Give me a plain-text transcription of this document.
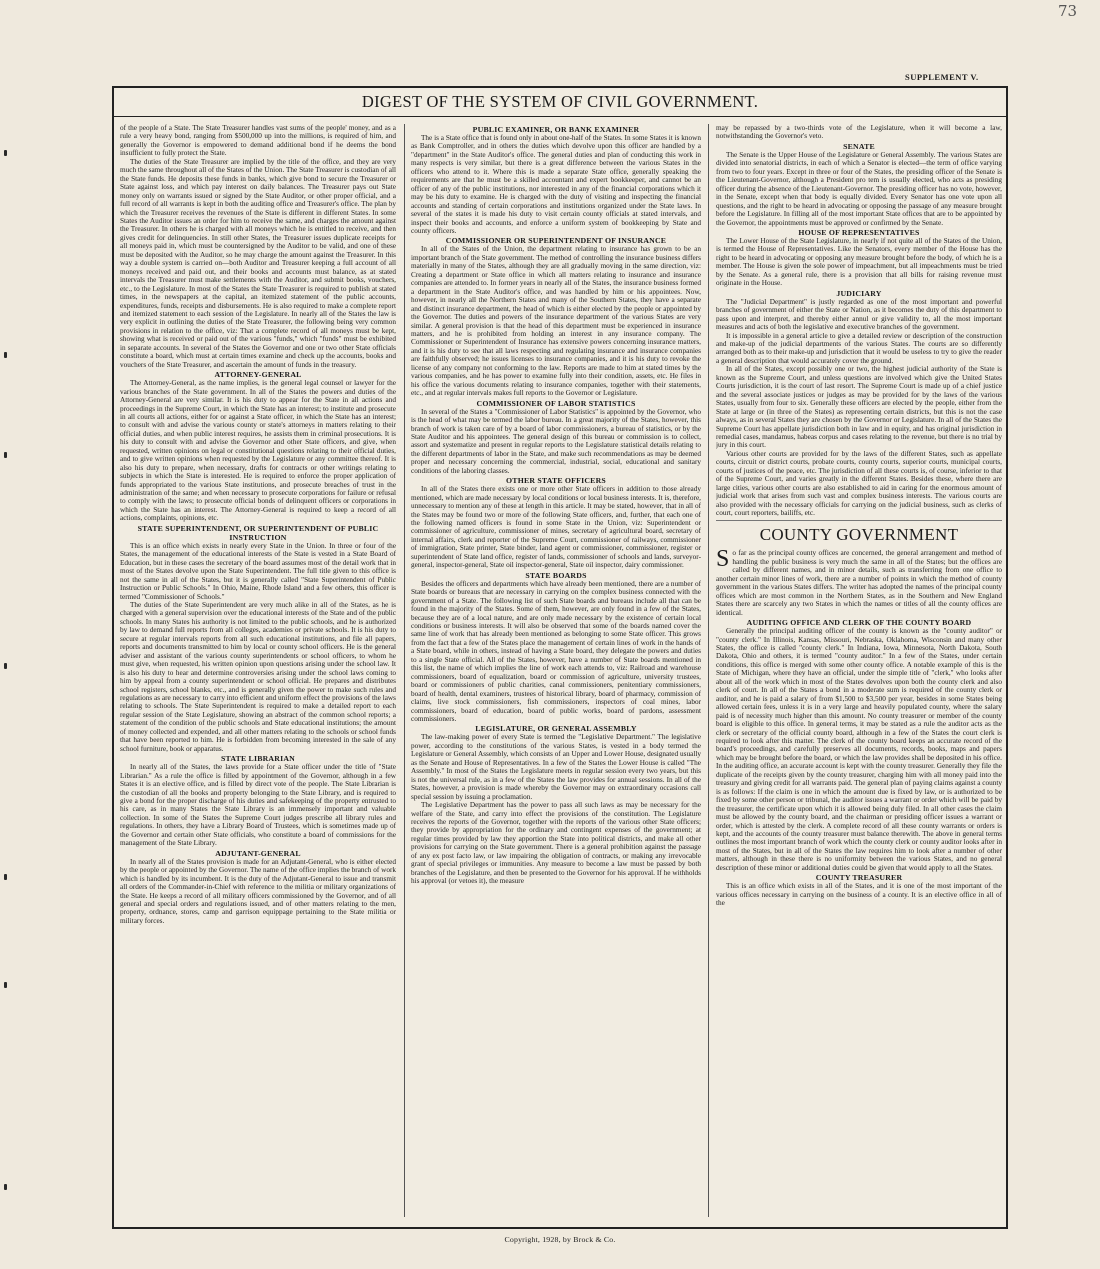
73
SUPPLEMENT V.
DIGEST OF THE SYSTEM OF CIVIL GOVERNMENT.

of the people of a State. The State Treasurer handles vast sums of the people' money, and as a rule a very heavy bond, ranging from $500,000 up into the millions, is required of him, and generally the Governor is empowered to demand additional bond if he deems the bond insufficient to fully protect the State.

The duties of the State Treasurer are implied by the title of the office, and they are very much the same throughout all of the States of the Union. The State Treasurer is custodian of all the State funds. He deposits these funds in banks, which give bond to secure the Treasurer or State against loss, and which pay interest on daily balances. The Treasurer pays out State money only on warrants issued or signed by the State Auditor, or other proper official, and a full record of all warrants is kept in both the auditing office and Treasurer's office. The plan by which the Treasurer receives the revenues of the State is different in different States. In some States the Auditor issues an order for him to receive the same, and charges the amount against the Treasurer. In others he is charged with all moneys which he is entitled to receive, and then gives credit for delinquencies. In still other States, the Treasurer issues duplicate receipts for all moneys paid in, which must be countersigned by the Auditor to be valid, and one of these must be deposited with the Auditor, so he may charge the amount against the Treasurer. In this way a double system is carried on—both Auditor and Treasurer keeping a full account of all moneys received and paid out, and their books and accounts must balance, as at stated intervals the Treasurer must make settlements with the Auditor, and submit books, vouchers, etc., to the Legislature. In most of the States the State Treasurer is required to publish at stated times, in the newspapers at the capital, an itemized statement of the public accounts, expenditures, funds, receipts and disbursements. He is also required to make a complete report and itemized statement to each session of the Legislature. In nearly all of the States the law is very explicit in outlining the duties of the State Treasurer, the following being very common provisions in relation to the office, viz: That a complete record of all moneys must be kept, showing what is received or paid out of the various "funds," which "funds" must be exhibited in separate accounts. In several of the States the Governor and one or two other State officials constitute a board, which must at certain times examine and check up the accounts, books and vouchers of the State Treasurer, and ascertain the amount of funds in the treasury.

ATTORNEY-GENERAL

The Attorney-General, as the name implies, is the general legal counsel or lawyer for the various branches of the State government. In all of the States the powers and duties of the Attorney-General are very similar. It is his duty to appear for the State in all actions and proceedings in the Supreme Court, in which the State has an interest; to institute and prosecute in all courts all actions, either for or against a State officer, in which the State has an interest; to consult with and advise the various county or state's attorneys in matters relating to their official duties, and when public interest requires, he assists them in criminal prosecutions. It is his duty to consult with and advise the Governor and other State officers, and give, when requested, written opinions on legal or constitutional questions relating to their official duties, and to give written opinions when requested by the Legislature or any committee thereof. It is also his duty to prepare, when necessary, drafts for contracts or other writings relating to subjects in which the State is interested. He is required to enforce the proper application of funds appropriated to the various State institutions, and prosecute breaches of trust in the administration of the same; and when necessary to prosecute corporations for failure or refusal to comply with the laws; to prosecute official bonds of delinquent officers or corporations in which the State has an interest. The Attorney-General is required to keep a record of all actions, complaints, opinions, etc.

STATE SUPERINTENDENT, OR SUPERINTENDENT OF PUBLIC INSTRUCTION

This is an office which exists in nearly every State in the Union. In three or four of the States, the management of the educational interests of the State is vested in a State Board of Education, but in these cases the secretary of the board assumes most of the detail work that in most of the States devolve upon the State Superintendent. The full title given to this office is not the same in all of the States, but it is generally called "State Superintendent of Public Instruction or Public Schools." In Ohio, Maine, Rhode Island and a few others, this officer is termed "Commissioner of Schools."

The duties of the State Superintendent are very much alike in all of the States, as he is charged with a general supervision over the educational interests of the State and of the public schools. In many States his authority is not limited to the public schools, and he is authorized by law to demand full reports from all colleges, academies or private schools. It is his duty to secure at regular intervals reports from all such educational institutions, and file all papers, reports and documents transmitted to him by local or county school officers. He is the general adviser and assistant of the various county superintendents or school officers, to whom he must give, when requested, his written opinion upon questions arising under the school law. It is also his duty to hear and determine controversies arising under the school laws coming to him by appeal from a county superintendent or school official. He prepares and distributes school registers, school blanks, etc., and is generally given the power to make such rules and regulations as are necessary to carry into efficient and uniform effect the provisions of the laws relating to schools. The State Superintendent is required to make a detailed report to each regular session of the State Legislature, showing an abstract of the common school reports; a statement of the condition of the public schools and State educational institutions; the amount of money collected and expended, and all other matters relating to the schools or school funds that have been reported to him. He is forbidden from becoming interested in the sale of any school furniture, book or apparatus.

STATE LIBRARIAN

In nearly all of the States, the laws provide for a State officer under the title of "State Librarian." As a rule the office is filled by appointment of the Governor, although in a few States it is an elective office, and is filled by direct vote of the people. The State Librarian is the custodian of all the books and property belonging to the State Library, and is required to give a bond for the proper discharge of his duties and safekeeping of the property entrusted to his care, as in many States the State Library is an immensely important and valuable collection. In some of the States the Supreme Court judges prescribe all library rules and regulations. In others, they have a Library Board of Trustees, which is sometimes made up of the Governor and certain other State officials, who constitute a board of commissions for the management of the State Library.

ADJUTANT-GENERAL

In nearly all of the States provision is made for an Adjutant-General, who is either elected by the people or appointed by the Governor. The name of the office implies the branch of work which is handled by its incumbent. It is the duty of the Adjutant-General to issue and transmit all orders of the Commander-in-Chief with reference to the militia or military organizations of the State. He keeps a record of all military officers commissioned by the Governor, and of all general and special orders and regulations issued, and of other matters relating to the men, property, ordnance, stores, camp and garrison equippage pertaining to the State militia or military forces.

PUBLIC EXAMINER, OR BANK EXAMINER

The is a State office that is found only in about one-half of the States. In some States it is known as Bank Comptroller, and in others the duties which devolve upon this officer are handled by a "department" in the State Auditor's office. The general duties and plan of conducting this work in many respects is very similar, but there is a great difference between the various States in the officers who attend to it. Where this is made a separate State office, generally speaking the requirements are that he must be a skilled accountant and expert bookkeeper, and cannot be an officer of any of the public institutions, nor interested in any of the financial corporations which it may be his duty to examine. He is charged with the duty of visiting and inspecting the financial accounts and standing of certain corporations and institutions organized under the State laws. In several of the states it is made his duty to visit certain county officials at stated intervals, and inspect their books and accounts, and enforce a uniform system of bookkeeping by State and county officers.

COMMISSIONER OR SUPERINTENDENT OF INSURANCE

In all of the States of the Union, the department relating to insurance has grown to be an important branch of the State government. The method of controlling the insurance business differs materially in many of the States, although they are all gradually moving in the same direction, viz: Creating a department or State office in which all matters relating to insurance and insurance companies are attended to. In former years in nearly all of the States, the insurance business formed a department in the State Auditor's office, and was handled by him or his appointees. Now, however, in nearly all the Northern States and many of the Southern States, they have a separate and distinct insurance department, the head of which is either elected by the people or appointed by the Governor. The duties and powers of the insurance department of the various States are very similar. A general provision is that the head of this department must be experienced in insurance matters, and he is prohibited from holding an interest in any insurance company. The Commissioner or Superintendent of Insurance has extensive powers concerning insurance matters, and it is his duty to see that all laws respecting and regulating insurance and insurance companies are faithfully observed; he issues licenses to insurance companies, and it is his duty to revoke the license of any company not conforming to the law. Reports are made to him at stated times by the various companies, and he has power to examine fully into their condition, assets, etc. He files in his office the various documents relating to insurance companies, together with their statements, etc., and at regular intervals makes full reports to the Governor or Legislature.

COMMISSIONER OF LABOR STATISTICS

In several of the States a "Commissioner of Labor Statistics" is appointed by the Governor, who is the head of what may be termed the labor bureau. In a great majority of the States, however, this branch of work is taken care of by a board of labor commissioners, a bureau of statistics, or by the State Auditor and his appointees. The general design of this bureau or commission is to collect, assort and systematize and present in regular reports to the Legislature statistical details relating to the different departments of labor in the State, and make such recommendations as may be deemed proper and necessary concerning the commercial, industrial, social, educational and sanitary conditions of the laboring classes.

OTHER STATE OFFICERS

In all of the States there exists one or more other State officers in addition to those already mentioned, which are made necessary by local conditions or local business interests. It is, therefore, unnecessary to mention any of these at length in this article. It may be stated, however, that in all of the States may be found two or more of the following State officers, and, further, that each one of the following named officers is found in some State in the Union, viz: Superintendent or commissioner of agriculture, commissioner of mines, secretary of agricultural board, secretary of internal affairs, clerk and reporter of the Supreme Court, commissioner of railways, commissioner of immigration, State printer, State binder, land agent or commissioner, commissioner, register or superintendent of State land office, register of lands, commissioner of schools and lands, surveyor-general, inspector-general, State oil inspector-general, State oil inspector, dairy commissioner.

STATE BOARDS

Besides the officers and departments which have already been mentioned, there are a number of State boards or bureaus that are necessary in carrying on the complex business connected with the government of a State. The following list of such State boards and bureaus include all that can be found in the majority of the States. Some of them, however, are only found in a few of the States, because they are of a local nature, and are only made necessary by the existence of certain local conditions or business interests. It will also be observed that some of the boards named cover the same line of work that has already been mentioned as belonging to some State officer. This grows from the fact that a few of the States place the management of certain lines of work in the hands of a State board, while in others, instead of having a State board, they delegate the powers and duties to a single State official. All of the States, however, have a number of State boards mentioned in this list, the name of which implies the line of work each attends to, viz: Railroad and warehouse commissioners, board of equalization, board or commission of agriculture, university trustees, board or commissioners of public charities, canal commissioners, penitentiary commissioners, board of health, dental examiners, trustees of historical library, board of pharmacy, commission of claims, live stock commissioners, fish commissioners, inspectors of coal mines, labor commissioners, board of education, board of public works, board of pardons, assessment commissioners.

LEGISLATURE, OR GENERAL ASSEMBLY

The law-making power of every State is termed the "Legislative Department." The legislative power, according to the constitutions of the various States, is vested in a body termed the Legislature or General Assembly, which consists of an Upper and Lower House, designated usually as the Senate and House of Representatives. In a few of the States the Lower House is called "The Assembly." In most of the States the Legislature meets in regular session every two years, but this is not the universal rule, as in a few of the States the law provides for annual sessions. In all of the States, however, a provision is made whereby the Governor may on extraordinary occasions call special session by issuing a proclamation.

The Legislative Department has the power to pass all such laws as may be necessary for the welfare of the State, and carry into effect the provisions of the constitution. The Legislature receives the reports of the Governor, together with the reports of the various other State officers; they provide by appropriation for the ordinary and contingent expenses of the government; at regular times provided by law they apportion the State into political districts, and make all other provisions for carrying on the State government. There is a general prohibition against the passage of any ex post facto law, or law impairing the obligation of contracts, or making any irrevocable grant of special privileges or immunities. Any measure to become a law must be passed by both branches of the Legislature, and then be presented to the Governor for his approval. If he withholds his approval (or vetoes it), the measure

may be repassed by a two-thirds vote of the Legislature, when it will become a law, notwithstanding the Governor's veto.

SENATE

The Senate is the Upper House of the Legislature or General Assembly. The various States are divided into senatorial districts, in each of which a Senator is elected—the term of office varying from two to four years. Except in three or four of the States, the presiding officer of the Senate is the Lieutenant-Governor, although a President pro tem is usually elected, who acts as presiding officer during the absence of the Lieutenant-Governor. The presiding officer has no vote, however, in the Senate, except when that body is equally divided. Every Senator has one vote upon all questions, and the right to be heard in advocating or opposing the passage of any measure brought before the Legislature. In filling all of the most important State offices that are to be appointed by the Governor, the appointments must be approved or confirmed by the Senate.

HOUSE OF REPRESENTATIVES

The Lower House of the State Legislature, in nearly if not quite all of the States of the Union, is termed the House of Representatives. Like the Senators, every member of the House has the right to be heard in advocating or opposing any measure brought before the body, of which he is a member. The House is given the sole power of impeachment, but all impeachments must be tried by the Senate. As a general rule, there is a provision that all bills for raising revenue must originate in the House.

JUDICIARY

The "Judicial Department" is justly regarded as one of the most important and powerful branches of government of either the State or Nation, as it becomes the duty of this department to pass upon and interpret, and thereby either annul or give validity to, all the most important measures and acts of both the legislative and executive branches of the government.

It is impossible in a general article to give a detailed review or description of the construction and make-up of the judicial departments of the various States. The courts are so differently arranged both as to their make-up and jurisdiction that it would be useless to try to give the reader a general description that would accurately cover the ground.

In all of the States, except possibly one or two, the highest judicial authority of the State is known as the Supreme Court, and unless questions are involved which give the United States Courts jurisdiction, it is the court of last resort. The Supreme Court is made up of a chief justice and the several associate justices or judges as may be provided for by the laws of the various States, usually from four to six. Generally these officers are elected by the people, either from the State at large or (in three of the States) as representing certain districts, but this is not the case always, as in several States they are chosen by the Governor or Legislature. In all of the States the Supreme Court has appellate jurisdiction both in law and in equity, and has original jurisdiction in remedial cases, mandamus, habeas corpus and cases relating to the revenue, but there is no trial by jury in this court.

Various other courts are provided for by the laws of the different States, such as appellate courts, circuit or district courts, probate courts, county courts, superior courts, municipal courts, courts of justices of the peace, etc. The jurisdiction of all these courts is, of course, inferior to that of the Supreme Court, and varies greatly in the different States. Besides these, where there are large cities, various other courts are also established to aid in caring for the enormous amount of judicial work that arises from such vast and complex business interests. The various courts are also provided with the necessary officials for carrying on the judicial business, such as clerks of court, court reporters, bailiffs, etc.

COUNTY GOVERNMENT

So far as the principal county offices are concerned, the general arrangement and method of handling the public business is very much the same in all of the States; but the offices are called by different names, and in minor details, such as transferring from one office to another certain minor lines of work, there are a number of points in which the method of county government in the various States differs. The writer has adopted the names of the principal county offices which are most common in the Northern States, as in the Southern and New England States there are scarcely any two States in which the names or titles of all the county offices are identical.

AUDITING OFFICE AND CLERK OF THE COUNTY BOARD

Generally the principal auditing officer of the county is known as the "county auditor" or "county clerk." In Illinois, Kansas, Missouri, Nebraska, Oklahoma, Wisconsin and many other States, the office is called "county clerk." In Indiana, Iowa, Minnesota, North Dakota, South Dakota, Ohio and others, it is termed "county auditor." In a few of the States, under certain conditions, this office is merged with some other county office. A notable example of this is the State of Michigan, where they have an official, under the simple title of "clerk," who looks after about all of the work which in most of the States devolves upon both the county clerk and also clerk of court. In all of the States a bond in a moderate sum is required of the county clerk or auditor, and he is paid a salary of from $1,500 to $3,500 per year, besides in some States being allowed certain fees, unless it is in a very large and heavily populated county, where the salary paid is of necessity much higher than this amount. No county treasurer or member of the county board is eligible to this office. In general terms, it may be stated as a rule the auditor acts as the clerk or secretary of the official county board, although in a few of the States the court clerk is required to look after this matter. The clerk of the county board keeps an accurate record of the board's proceedings, and carefully preserves all documents, records, books, maps and papers which may be brought before the board, or which the law provides shall be deposited in his office. In the auditing office, an accurate account is kept with the county treasurer. Generally they file the duplicate of the receipts given by the county treasurer, charging him with all money paid into the treasury and giving credit for all warrants paid. The general plan of paying claims against a county is as follows: If the claim is one in which the amount due is fixed by law, or is authorized to be fixed by some other person or tribunal, the auditor issues a warrant or order which will be paid by the treasurer, the certificate upon which it is allowed being duly filed. In all other cases the claim must be allowed by the county board, and the chairman or presiding officer issues a warrant or order, which is attested by the clerk. A complete record of all these county warrants or orders is kept, and the accounts of the county treasurer must balance therewith. The above in general terms outlines the most important branch of work which the county clerk or county auditor looks after in most of the States, but in all of the States the law requires him to look after a number of other matters, although in these there is no uniformity between the various States, and no general description of these minor or additional duties could be given that would apply to all the States.

COUNTY TREASURER

This is an office which exists in all of the States, and it is one of the most important of the various offices necessary in carrying on the business of a county. It is an elective office in all of the

Copyright, 1928, by Brock & Co.
